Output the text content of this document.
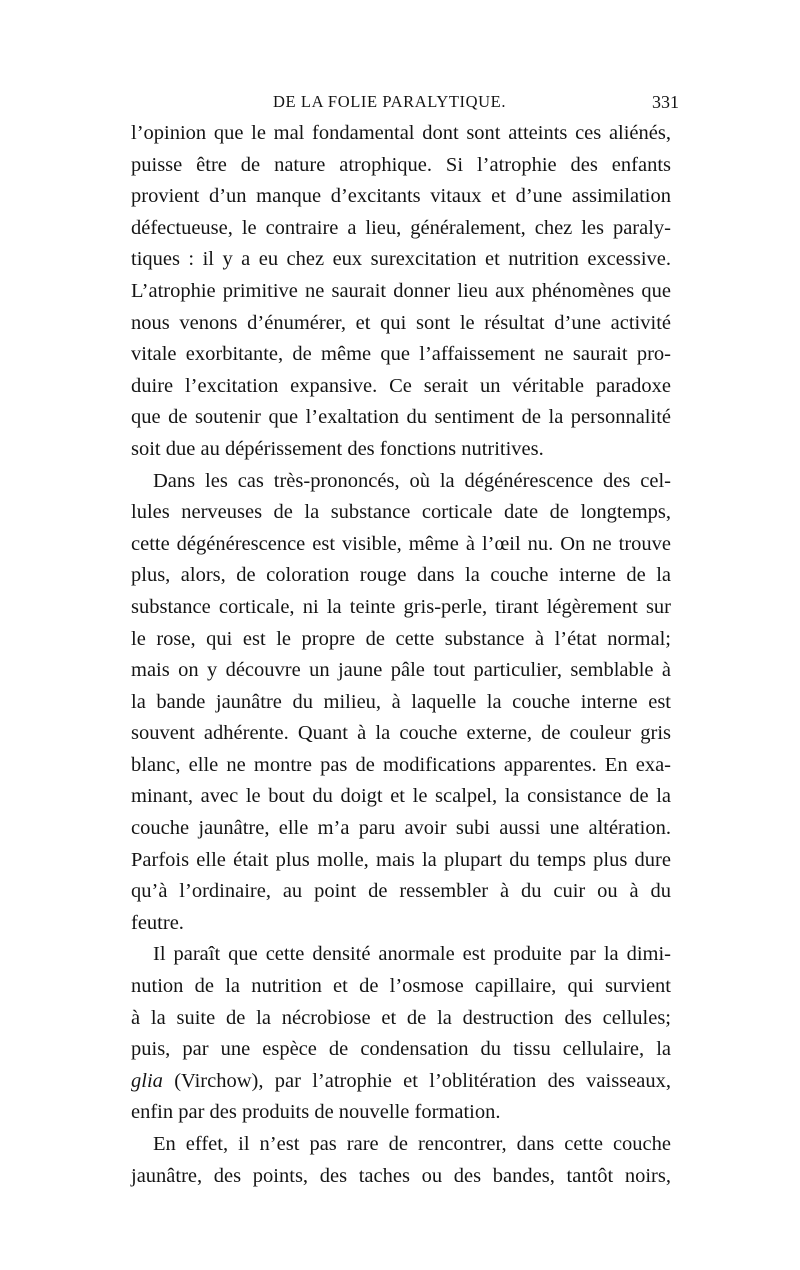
DE LA FOLIE PARALYTIQUE.	331
l’opinion que le mal fondamental dont sont atteints ces aliénés,
puisse être de nature atrophique. Si l’atrophie des enfants
provient d’un manque d’excitants vitaux et d’une assimilation
défectueuse, le contraire a lieu, généralement, chez les paraly-
tiques : il y a eu chez eux surexcitation et nutrition excessive.
L’atrophie primitive ne saurait donner lieu aux phénomènes que
nous venons d’énumérer, et qui sont le résultat d’une activité
vitale exorbitante, de même que l’affaissement ne saurait pro-
duire l’excitation expansive. Ce serait un véritable paradoxe
que de soutenir que l’exaltation du sentiment de la personnalité
soit due au dépérissement des fonctions nutritives.
Dans les cas très-prononcés, où la dégénérescence des cel-
lules nerveuses de la substance corticale date de longtemps,
cette dégénérescence est visible, même à l’œil nu. On ne trouve
plus, alors, de coloration rouge dans la couche interne de la
substance corticale, ni la teinte gris-perle, tirant légèrement sur
le rose, qui est le propre de cette substance à l’état normal;
mais on y découvre un jaune pâle tout particulier, semblable à
la bande jaunâtre du milieu, à laquelle la couche interne est
souvent adhérente. Quant à la couche externe, de couleur gris
blanc, elle ne montre pas de modifications apparentes. En exa-
minant, avec le bout du doigt et le scalpel, la consistance de la
couche jaunâtre, elle m’a paru avoir subi aussi une altération.
Parfois elle était plus molle, mais la plupart du temps plus dure
qu’à l’ordinaire, au point de ressembler à du cuir ou à du
feutre.
Il paraît que cette densité anormale est produite par la dimi-
nution de la nutrition et de l’osmose capillaire, qui survient
à la suite de la nécrobiose et de la destruction des cellules;
puis, par une espèce de condensation du tissu cellulaire, la
glia (Virchow), par l’atrophie et l’oblitération des vaisseaux,
enfin par des produits de nouvelle formation.
En effet, il n’est pas rare de rencontrer, dans cette couche
jaunâtre, des points, des taches ou des bandes, tantôt noirs,
